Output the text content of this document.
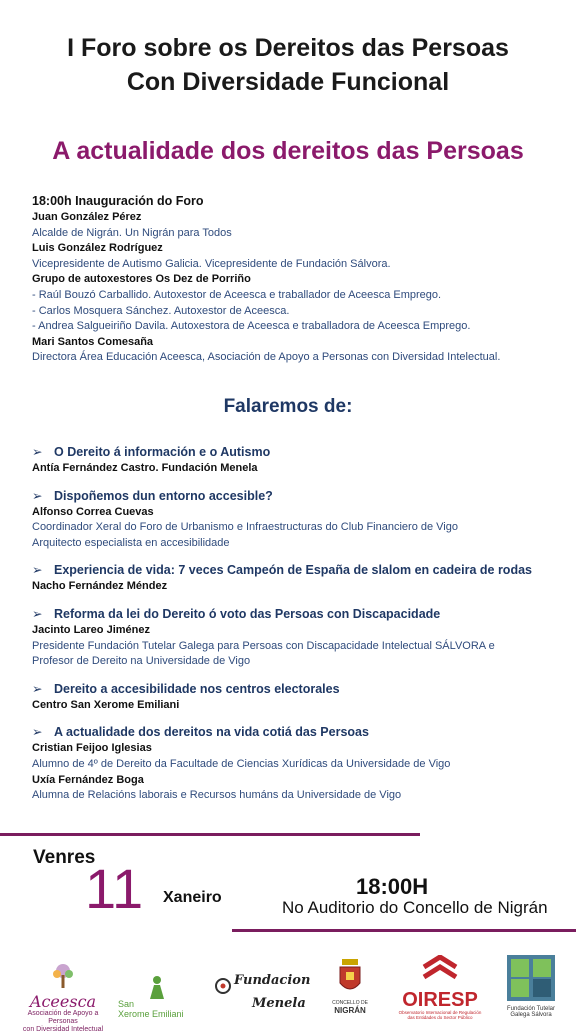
I Foro sobre os Dereitos das Persoas
Con Diversidade Funcional
A actualidade dos dereitos das Persoas
18:00h Inauguración do Foro
Juan González Pérez
Alcalde de Nigrán. Un Nigrán para Todos
Luis González Rodríguez
Vicepresidente de Autismo Galicia. Vicepresidente de Fundación Sálvora.
Grupo de autoxestores Os Dez de Porriño
- Raúl Bouzó Carballido. Autoxestor de Aceesca e traballador de Aceesca Emprego.
- Carlos Mosquera Sánchez. Autoxestor de Aceesca.
- Andrea Salgueiriño Davila. Autoxestora de Aceesca e traballadora de Aceesca Emprego.
Mari Santos Comesaña
Directora Área Educación Aceesca, Asociación de Apoyo a Personas con Diversidad Intelectual.
Falaremos de:
➢ O Dereito á información e o Autismo
Antía Fernández Castro. Fundación Menela
➢ Dispoñemos dun entorno accesible?
Alfonso Correa Cuevas
Coordinador Xeral do Foro de Urbanismo e Infraestructuras do Club Financiero de Vigo
Arquitecto especialista en accesibilidade
➢ Experiencia de vida: 7 veces Campeón de España de slalom en cadeira de rodas
Nacho Fernández Méndez
➢ Reforma da lei do Dereito ó voto das Persoas con Discapacidade
Jacinto Lareo Jiménez
Presidente Fundación Tutelar Galega para Persoas con Discapacidade Intelectual SÁLVORA e
Profesor de Dereito na Universidade de Vigo
➢ Dereito a accesibilidade nos centros electorales
Centro San Xerome Emiliani
➢ A actualidade dos dereitos na vida cotiá das Persoas
Cristian Feijoo Iglesias
Alumno de 4º de Dereito da Facultade de Ciencias Xurídicas da Universidade de Vigo
Uxía Fernández Boga
Alumna de Relacións laborais e Recursos humáns da Universidade de Vigo
Venres
11 Xaneiro	18:00H
No Auditorio do Concello de Nigrán
Aceesca
Asociación de Apoyo a Personas
con Diversidad Intelectual
San
Xerome Emiliani
Fundacion
Menela	CONCELLO DE
NIGRÁN	OIRESP
Observatorio Internacional de Regulación
das Entidades do Sector Público
Fundación Tutelar
Galega Sálvora
